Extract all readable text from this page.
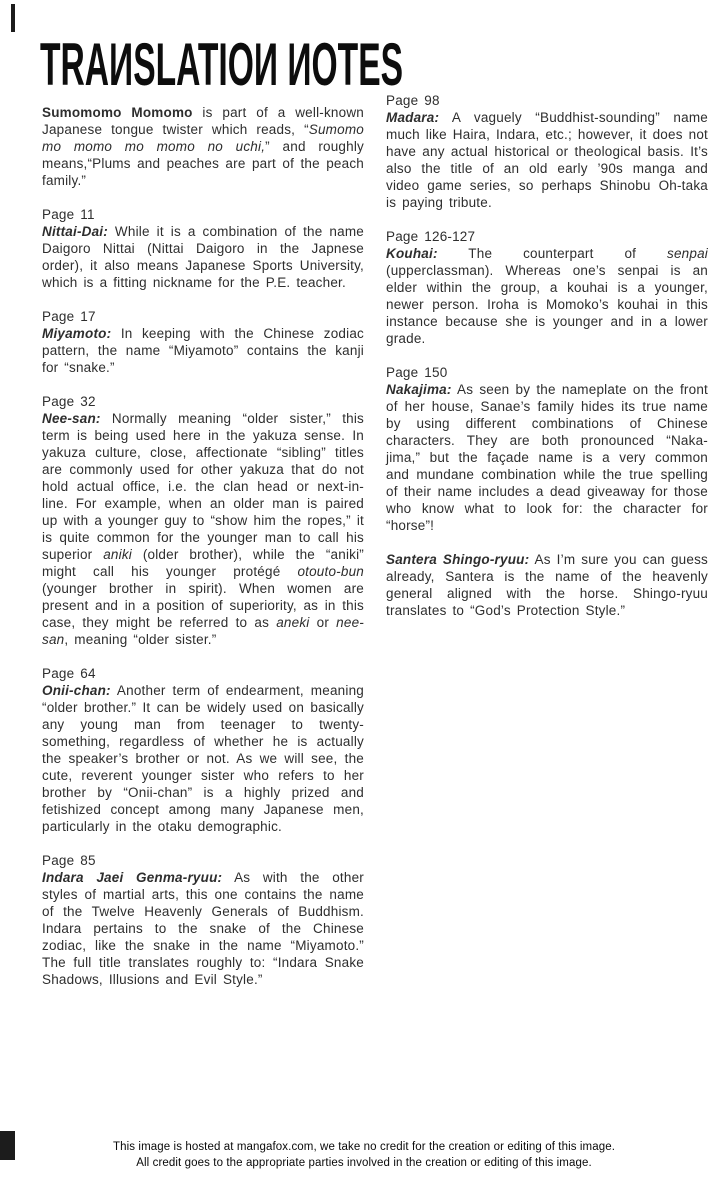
TRAИSLATIOИ ИOTES

Sumomomo Momomo is part of a well-known Japanese tongue twister which reads, “Sumomo mo momo mo momo no uchi,” and roughly means,“Plums and peaches are part of the peach family.”

Page 11

Nittai-Dai: While it is a combination of the name Daigoro Nittai (Nittai Daigoro in the Japnese order), it also means Japanese Sports University, which is a fitting nickname for the P.E. teacher.

Page 17

Miyamoto: In keeping with the Chinese zodiac pattern, the name “Miyamoto” contains the kanji for “snake.”

Page 32

Nee-san: Normally meaning “older sister,” this term is being used here in the yakuza sense. In yakuza culture, close, affectionate “sibling” titles are commonly used for other yakuza that do not hold actual office, i.e. the clan head or next-in-line. For example, when an older man is paired up with a younger guy to “show him the ropes,” it is quite common for the younger man to call his superior aniki (older brother), while the “aniki” might call his younger protégé otouto-bun (younger brother in spirit). When women are present and in a position of superiority, as in this case, they might be referred to as aneki or nee-san, meaning “older sister.”

Page 64

Onii-chan: Another term of endearment, meaning “older brother.” It can be widely used on basically any young man from teenager to twenty-something, regardless of whether he is actually the speaker’s brother or not. As we will see, the cute, reverent younger sister who refers to her brother by “Onii-chan” is a highly prized and fetishized concept among many Japanese men, particularly in the otaku demographic.

Page 85

Indara Jaei Genma-ryuu: As with the other styles of martial arts, this one contains the name of the Twelve Heavenly Generals of Buddhism. Indara pertains to the snake of the Chinese zodiac, like the snake in the name “Miyamoto.” The full title translates roughly to: “Indara Snake Shadows, Illusions and Evil Style.”

Page 98

Madara: A vaguely “Buddhist-sounding” name much like Haira, Indara, etc.; however, it does not have any actual historical or theological basis. It’s also the title of an old early ’90s manga and video game series, so perhaps Shinobu Oh-taka is paying tribute.

Page 126-127

Kouhai: The counterpart of senpai (upperclassman). Whereas one’s senpai is an elder within the group, a kouhai is a younger, newer person. Iroha is Momoko’s kouhai in this instance because she is younger and in a lower grade.

Page 150

Nakajima: As seen by the nameplate on the front of her house, Sanae’s family hides its true name by using different combinations of Chinese characters. They are both pronounced “Naka-jima,” but the façade name is a very common and mundane combination while the true spelling of their name includes a dead giveaway for those who know what to look for: the character for “horse”!

Santera Shingo-ryuu: As I’m sure you can guess already, Santera is the name of the heavenly general aligned with the horse. Shingo-ryuu translates to “God’s Protection Style.”

This image is hosted at mangafox.com, we take no credit for the creation or editing of this image.
All credit goes to the appropriate parties involved in the creation or editing of this image.
